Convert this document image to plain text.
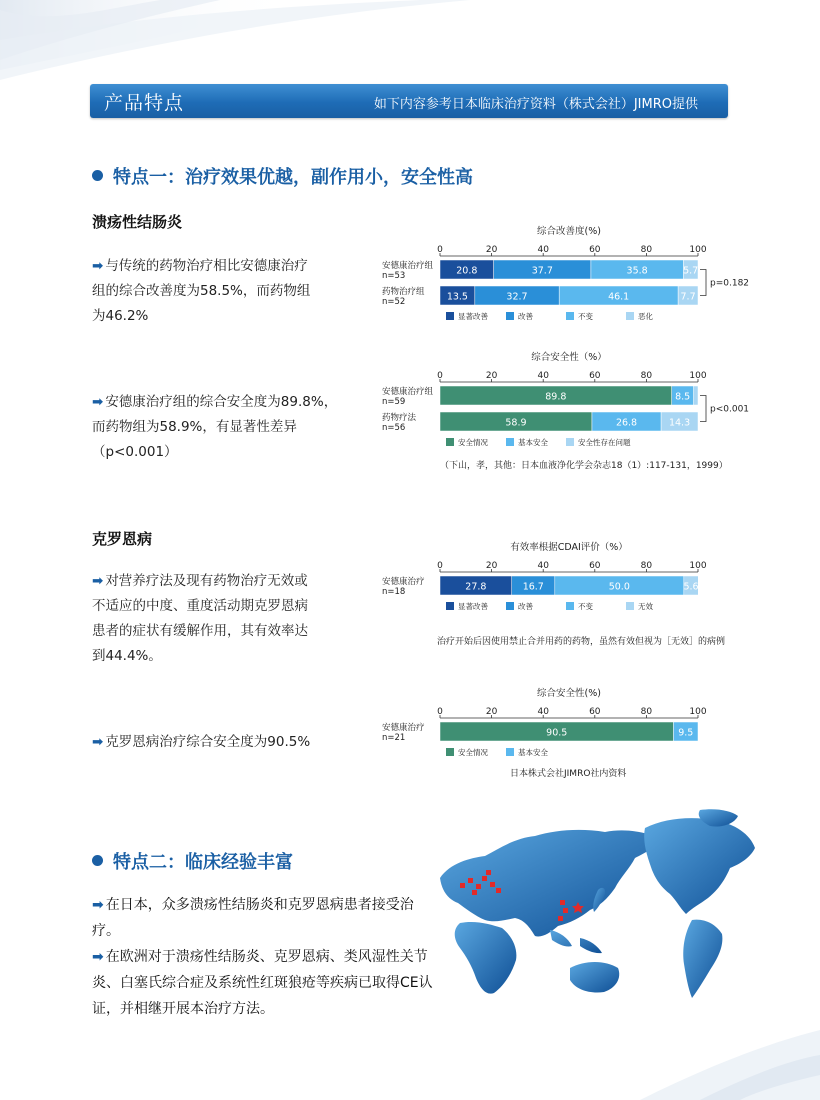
产品特点	如下内容参考日本临床治疗资料（株式会社）JIMRO提供
特点一：治疗效果优越，副作用小，安全性高
溃疡性结肠炎
➡ 与传统的药物治疗相比安德康治疗
组的综合改善度为58.5%，而药物组
为46.2%
➡ 安德康治疗组的综合安全度为89.8%，
而药物组为58.9%，有显著性差异
（p<0.001）
克罗恩病
➡ 对营养疗法及现有药物治疗无效或
不适应的中度、重度活动期克罗恩病
患者的症状有缓解作用，其有效率达
到44.4%。
➡ 克罗恩病治疗综合安全度为90.5%
综合改善度(%)
0	20	40	60	80	100
安德康治疗组
n=53	20.8	37.7	35.8	5.7
药物治疗组
n=52	13.5	32.7	46.1	7.7
p=0.182
显著改善	改善	不变	恶化
综合安全性（%）
0	20	40	60	80	100
安德康治疗组
n=59	89.8	8.5
药物疗法
n=56	58.9	26.8	14.3
p<0.001
安全情况	基本安全	安全性存在问题
（下山，孝，其他：日本血液净化学会杂志18（1）:117-131，1999）
有效率根据CDAI评价（%）
0	20	40	60	80	100
安德康治疗
n=18	27.8	16.7	50.0	5.6
显著改善	改善	不变	无效
治疗开始后因使用禁止合并用药的药物，虽然有效但视为［无效］的病例
综合安全性(%)
0	20	40	60	80	100
安德康治疗
n=21	90.5	9.5
安全情况	基本安全
日本株式会社JIMRO社内资料
特点二：临床经验丰富
➡ 在日本，众多溃疡性结肠炎和克罗恩病患者接受治疗。
➡ 在欧洲对于溃疡性结肠炎、克罗恩病、类风湿性关节炎、白塞氏综合症及系统性红斑狼疮等疾病已取得CE认证，并相继开展本治疗方法。
